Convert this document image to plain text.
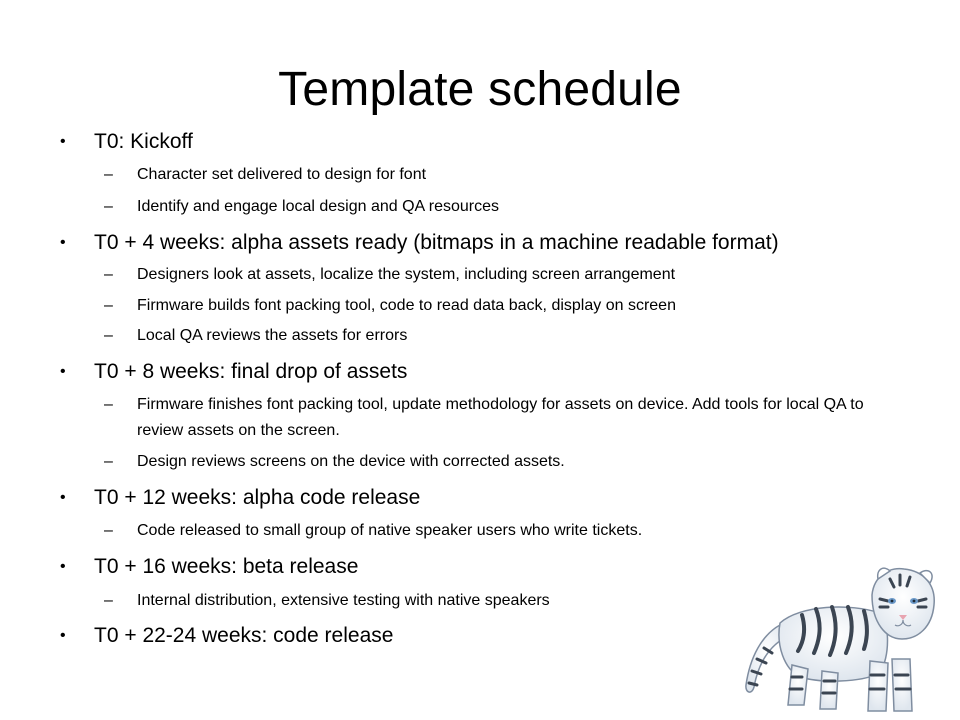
Template schedule
•	T0: Kickoff
–	Character set delivered to design for font
–	Identify and engage local design and QA resources
•	T0 + 4 weeks: alpha assets ready (bitmaps in a machine readable format)
–	Designers look at assets, localize the system, including screen arrangement
–	Firmware builds font packing tool, code to read data back, display on screen
–	Local QA reviews the assets for errors
•	T0 + 8 weeks: final drop of assets
–	Firmware finishes font packing tool, update methodology for assets on device. Add tools for local QA to review assets on the screen.
–	Design reviews screens on the device with corrected assets.
•	T0 + 12 weeks: alpha code release
–	Code released to small group of native speaker users who write tickets.
•	T0 + 16 weeks: beta release
–	Internal distribution, extensive testing with native speakers
•	T0 + 22-24 weeks: code release
